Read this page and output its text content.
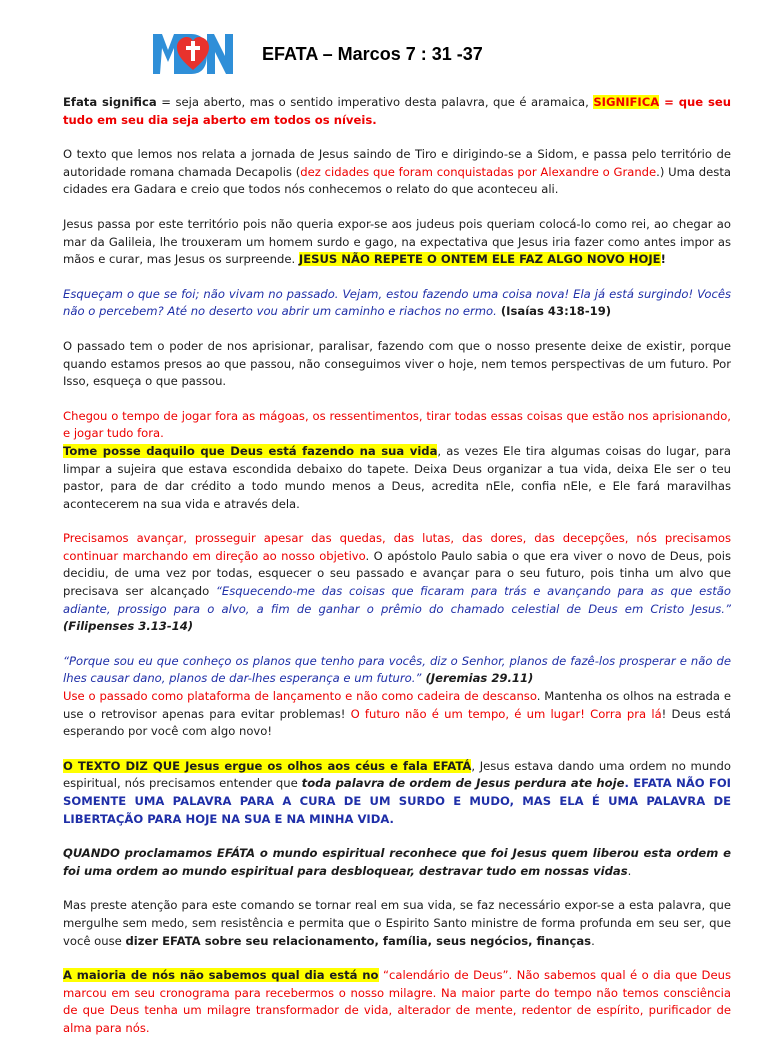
EFATA – Marcos 7 : 31 -37

Efata significa = seja aberto, mas o sentido imperativo desta palavra, que é aramaica, SIGNIFICA = que seu tudo em seu dia seja aberto em todos os níveis.

O texto que lemos nos relata a jornada de Jesus saindo de Tiro e dirigindo-se a Sidom, e passa pelo território de autoridade romana chamada Decapolis (dez cidades que foram conquistadas por Alexandre o Grande.) Uma desta cidades era Gadara e creio que todos nós conhecemos o relato do que aconteceu ali.

Jesus passa por este território pois não queria expor-se aos judeus pois queriam colocá-lo como rei, ao chegar ao mar da Galileia, lhe trouxeram um homem surdo e gago, na expectativa que Jesus iria fazer como antes impor as mãos e curar, mas Jesus os surpreende. JESUS NÃO REPETE O ONTEM ELE FAZ ALGO NOVO HOJE!

Esqueçam o que se foi; não vivam no passado. Vejam, estou fazendo uma coisa nova! Ela já está surgindo! Vocês não o percebem? Até no deserto vou abrir um caminho e riachos no ermo. (Isaías 43:18-19)

O passado tem o poder de nos aprisionar, paralisar, fazendo com que o nosso presente deixe de existir, porque quando estamos presos ao que passou, não conseguimos viver o hoje, nem temos perspectivas de um futuro. Por Isso, esqueça o que passou.

Chegou o tempo de jogar fora as mágoas, os ressentimentos, tirar todas essas coisas que estão nos aprisionando, e jogar tudo fora.

Tome posse daquilo que Deus está fazendo na sua vida, as vezes Ele tira algumas coisas do lugar, para limpar a sujeira que estava escondida debaixo do tapete. Deixa Deus organizar a tua vida, deixa Ele ser o teu pastor, para de dar crédito a todo mundo menos a Deus, acredita nEle, confia nEle, e Ele fará maravilhas acontecerem na sua vida e através dela.

Precisamos avançar, prosseguir apesar das quedas, das lutas, das dores, das decepções, nós precisamos continuar marchando em direção ao nosso objetivo. O apóstolo Paulo sabia o que era viver o novo de Deus, pois decidiu, de uma vez por todas, esquecer o seu passado e avançar para o seu futuro, pois tinha um alvo que precisava ser alcançado “Esquecendo-me das coisas que ficaram para trás e avançando para as que estão adiante, prossigo para o alvo, a fim de ganhar o prêmio do chamado celestial de Deus em Cristo Jesus.” (Filipenses 3.13-14)

“Porque sou eu que conheço os planos que tenho para vocês, diz o Senhor, planos de fazê-los prosperar e não de lhes causar dano, planos de dar-lhes esperança e um futuro.” (Jeremias 29.11)
Use o passado como plataforma de lançamento e não como cadeira de descanso. Mantenha os olhos na estrada e use o retrovisor apenas para evitar problemas! O futuro não é um tempo, é um lugar! Corra pra lá! Deus está esperando por você com algo novo!

O TEXTO DIZ QUE Jesus ergue os olhos aos céus e fala EFATÁ, Jesus estava dando uma ordem no mundo espiritual, nós precisamos entender que toda palavra de ordem de Jesus perdura ate hoje. EFATA NÃO FOI SOMENTE UMA PALAVRA PARA A CURA DE UM SURDO E MUDO, MAS ELA É UMA PALAVRA DE LIBERTAÇÃO PARA HOJE NA SUA E NA MINHA VIDA.

QUANDO proclamamos EFÁTA o mundo espiritual reconhece que foi Jesus quem liberou esta ordem e foi uma ordem ao mundo espiritual para desbloquear, destravar tudo em nossas vidas.

Mas preste atenção para este comando se tornar real em sua vida, se faz necessário expor-se a esta palavra, que mergulhe sem medo, sem resistência e permita que o Espirito Santo ministre de forma profunda em seu ser, que você ouse dizer EFATA sobre seu relacionamento, família, seus negócios, finanças.

A maioria de nós não sabemos qual dia está no “calendário de Deus”. Não sabemos qual é o dia que Deus marcou em seu cronograma para recebermos o nosso milagre. Na maior parte do tempo não temos consciência de que Deus tenha um milagre transformador de vida, alterador de mente, redentor de espírito, purificador de alma para nós.
